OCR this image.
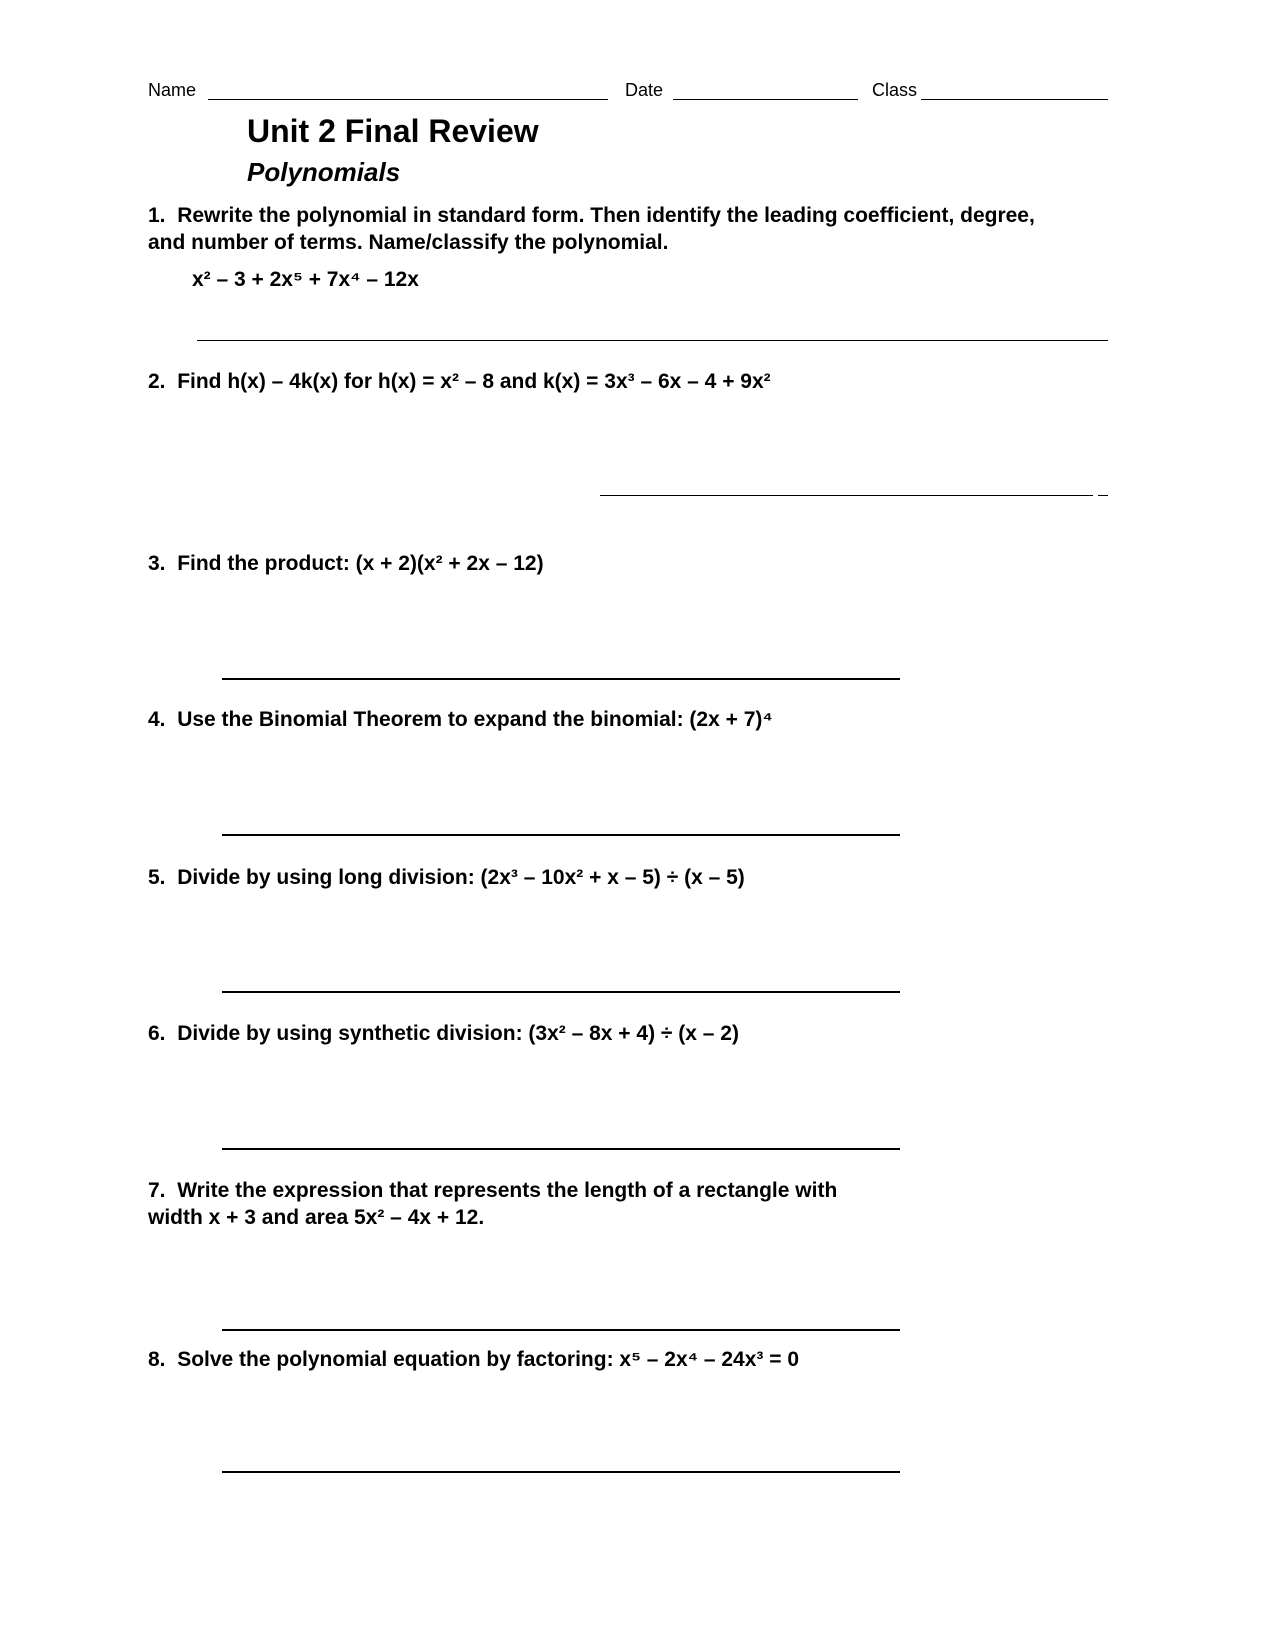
Name	Date	Class
Unit 2 Final Review
Polynomials
1. Rewrite the polynomial in standard form. Then identify the leading coefficient, degree,
and number of terms. Name/classify the polynomial.
x² – 3 + 2x⁵ + 7x⁴ – 12x
2. Find h(x) – 4k(x) for h(x) = x² – 8 and k(x) = 3x³ – 6x – 4 + 9x²
3. Find the product: (x + 2)(x² + 2x – 12)
4. Use the Binomial Theorem to expand the binomial: (2x + 7)⁴
5. Divide by using long division: (2x³ – 10x² + x – 5) ÷ (x – 5)
6. Divide by using synthetic division: (3x² – 8x + 4) ÷ (x – 2)
7. Write the expression that represents the length of a rectangle with
width x + 3 and area 5x² – 4x + 12.
8. Solve the polynomial equation by factoring: x⁵ – 2x⁴ – 24x³ = 0
